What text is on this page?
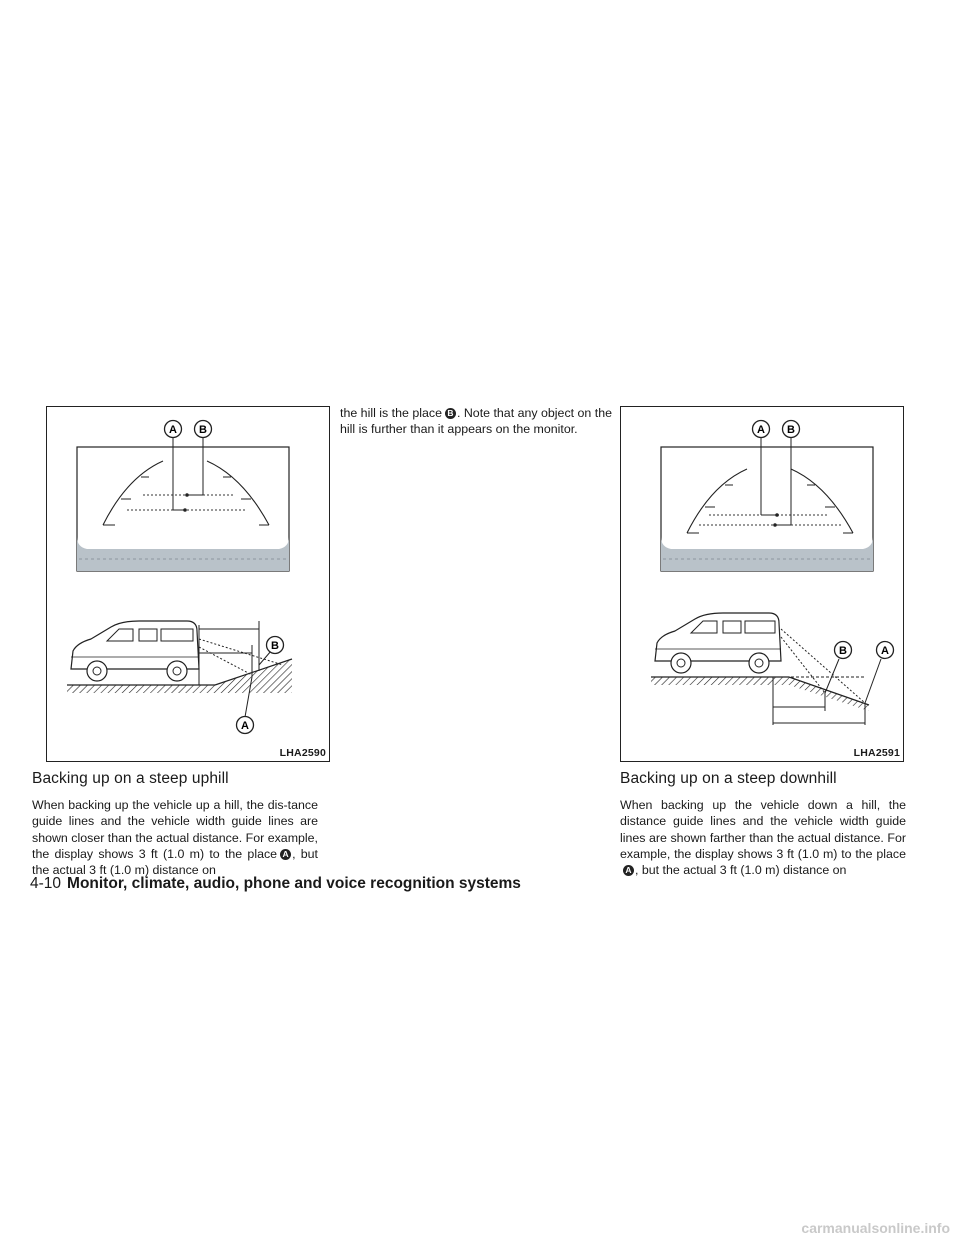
A B
B
A
LHA2590
A B
B	A
LHA2591
Backing up on a steep uphill
When backing up the vehicle up a hill, the dis-tance guide lines and the vehicle width guide lines are shown closer than the actual distance. For example, the display shows 3 ft (1.0 m) to the place A , but the actual 3 ft (1.0 m) distance on
the hill is the place B . Note that any object on the hill is further than it appears on the monitor.
Backing up on a steep downhill
When backing up the vehicle down a hill, the distance guide lines and the vehicle width guide lines are shown farther than the actual distance. For example, the display shows 3 ft (1.0 m) to the placeA , but the actual 3 ft (1.0 m) distance on
4-10 Monitor, climate, audio, phone and voice recognition systems
carmanualsonline.info
